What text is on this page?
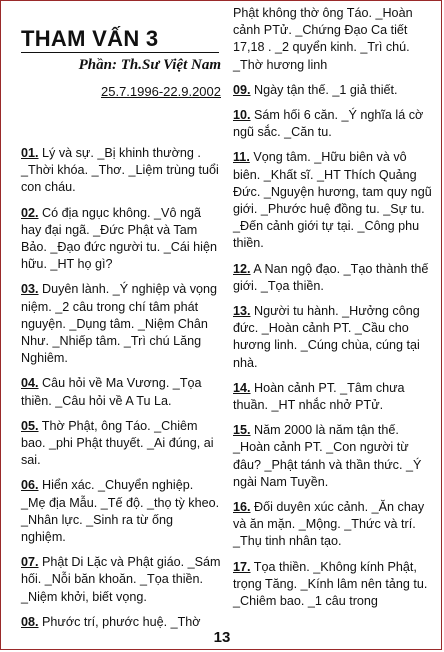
THAM VẤN 3
Phần: Th.Sư Việt Nam
25.7.1996-22.9.2002
01. Lý và sự. _Bị khinh thường . _Thời khóa. _Thơ. _Liệm trùng tuổi con cháu.
02. Có địa ngục không. _Vô ngã hay đại ngã. _Đức Phật và Tam Bảo. _Đạo đức người tu. _Cái hiện hữu. _HT họ gì?
03. Duyên lành. _Ý nghiệp và vọng niệm. _2 câu trong chí tâm phát nguyện. _Dụng tâm. _Niệm Chân Như. _Nhiếp tâm. _Trì chú Lăng Nghiêm.
04. Câu hỏi về Ma Vương. _Tọa thiền. _Câu hỏi về A Tu La.
05. Thờ Phật, ông Táo. _Chiêm bao. _phi Phật thuyết. _Ai đúng, ai sai.
06. Hiển xác. _Chuyển nghiệp. _Mẹ địa Mẫu. _Tế độ. _thọ tỳ kheo. _Nhân lực. _Sinh ra từ ống nghiệm.
07. Phật Di Lặc và Phật giáo. _Sám hối. _Nỗi băn khoăn. _Tọa thiền. _Niệm khởi, biết vọng.
08. Phước trí, phước huệ. _Thờ
Phật không thờ ông Táo. _Hoàn cảnh PTử. _Chứng Đạo Ca tiết 17,18 . _2 quyển kinh. _Trì chú. _Thờ hương linh
09. Ngày tận thế. _1 giả thiết.
10. Sám hối 6 căn. _Ý nghĩa lá cờ ngũ sắc. _Căn tu.
11. Vọng tâm. _Hữu biên và vô biên. _Khất sĩ. _HT Thích Quảng Đức. _Nguyện hương, tam quy ngũ giới. _Phước huệ đồng tu. _Sự tu. _Đến cảnh giới tự tại. _Công phu thiền.
12. A Nan ngộ đạo. _Tạo thành thế giới. _Tọa thiền.
13. Người tu hành. _Hưởng công đức. _Hoàn cảnh PT. _Cầu cho hương linh. _Cúng chùa, cúng tại nhà.
14. Hoàn cảnh PT. _Tâm chưa thuần. _HT nhắc nhở PTử.
15. Năm 2000 là năm tận thế. _Hoàn cảnh PT. _Con người từ đâu? _Phật tánh và thần thức. _Ý ngài Nam Tuyền.
16. Đối duyên xúc cảnh. _Ăn chay và ăn mặn. _Mộng. _Thức và trí. _Thụ tinh nhân tạo.
17. Tọa thiền. _Không kính Phật, trọng Tăng. _Kính lâm nên tảng tu. _Chiêm bao. _1 câu trong
13
